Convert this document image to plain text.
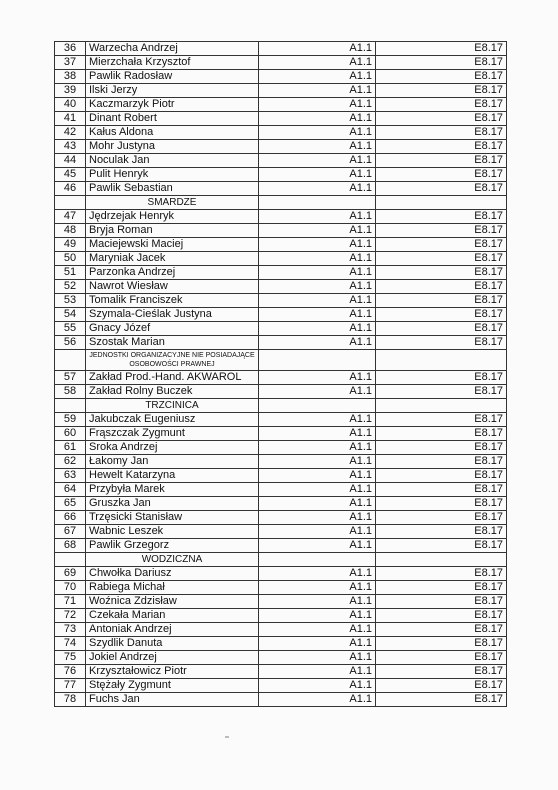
36	Warzecha Andrzej	A1.1	E8.17
37	Mierzchała Krzysztof	A1.1	E8.17
38	Pawlik Radosław	A1.1	E8.17
39	Ilski Jerzy	A1.1	E8.17
40	Kaczmarzyk Piotr	A1.1	E8.17
41	Dinant Robert	A1.1	E8.17
42	Kałus Aldona	A1.1	E8.17
43	Mohr Justyna	A1.1	E8.17
44	Noculak Jan	A1.1	E8.17
45	Pulit Henryk	A1.1	E8.17
46	Pawlik Sebastian	A1.1	E8.17
	SMARDZE		
47	Jędrzejak Henryk	A1.1	E8.17
48	Bryja Roman	A1.1	E8.17
49	Maciejewski Maciej	A1.1	E8.17
50	Maryniak Jacek	A1.1	E8.17
51	Parzonka Andrzej	A1.1	E8.17
52	Nawrot Wiesław	A1.1	E8.17
53	Tomalik Franciszek	A1.1	E8.17
54	Szymala-Cieślak Justyna	A1.1	E8.17
55	Gnacy Józef	A1.1	E8.17
56	Szostak Marian	A1.1	E8.17
	JEDNOSTKI ORGANIZACYJNE NIE POSIADAJĄCE OSOBOWOŚCI PRAWNEJ		
57	Zakład Prod.-Hand. AKWAROL	A1.1	E8.17
58	Zakład Rolny Buczek	A1.1	E8.17
	TRZCINICA		
59	Jakubczak Eugeniusz	A1.1	E8.17
60	Frąszczak Zygmunt	A1.1	E8.17
61	Sroka Andrzej	A1.1	E8.17
62	Łakomy Jan	A1.1	E8.17
63	Hewelt Katarzyna	A1.1	E8.17
64	Przybyła Marek	A1.1	E8.17
65	Gruszka Jan	A1.1	E8.17
66	Trzęsicki Stanisław	A1.1	E8.17
67	Wabnic Leszek	A1.1	E8.17
68	Pawlik Grzegorz	A1.1	E8.17
	WODZICZNA		
69	Chwołka Dariusz	A1.1	E8.17
70	Rabiega Michał	A1.1	E8.17
71	Woźnica Zdzisław	A1.1	E8.17
72	Czekała Marian	A1.1	E8.17
73	Antoniak Andrzej	A1.1	E8.17
74	Szydlik Danuta	A1.1	E8.17
75	Jokiel Andrzej	A1.1	E8.17
76	Krzyształowicz Piotr	A1.1	E8.17
77	Stężały Zygmunt	A1.1	E8.17
78	Fuchs Jan	A1.1	E8.17
